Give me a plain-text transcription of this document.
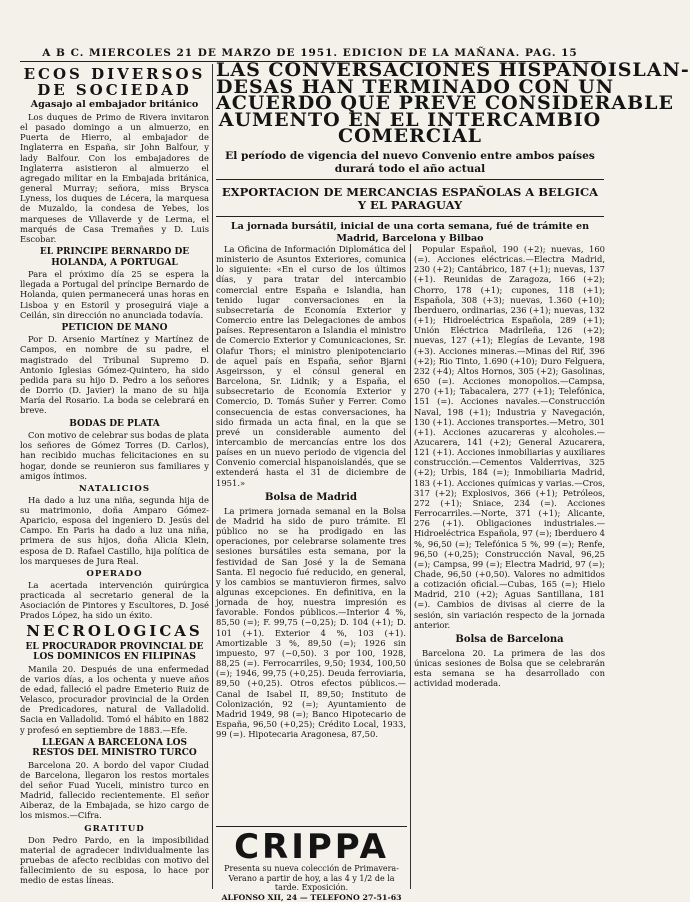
A B C. MIERCOLES 21 DE MARZO DE 1951. EDICION DE LA MAÑANA. PAG. 15
ECOS DIVERSOS DE SOCIEDAD
Agasajo al embajador británico

Los duques de Primo de Rivera invitaron el pasado domingo a un almuerzo, en Puerta de Hierro, al embajador de Inglaterra en España, sir John Balfour, y lady Balfour. Con los embajadores de Inglaterra asistieron al almuerzo el agregado militar en la Embajada británica, general Murray; señora, miss Brysca Lyness, los duques de Lécera, la marquesa de Muzaldo, la condesa de Yebes, los marqueses de Villaverde y de Lerma, el marqués de Casa Tremañes y D. Luis Escobar.

EL PRINCIPE BERNARDO DE HOLANDA, A PORTUGAL

Para el próximo día 25 se espera la llegada a Portugal del príncipe Bernardo de Holanda, quien permanecerá unas horas en Lisboa y en Estoril y proseguirá viaje a Ceilán, sin dirección no anunciada todavía.

PETICION DE MANO

Por D. Arsenio Martínez y Martínez de Campos, en nombre de su padre, el magistrado del Tribunal Supremo D. Antonio Iglesias Gómez-Quintero, ha sido pedida para su hijo D. Pedro a los señores de Dorrio (D. Javier) la mano de su hija María del Rosario. La boda se celebrará en breve.

BODAS DE PLATA

Con motivo de celebrar sus bodas de plata los señores de Gómez Torres (D. Carlos), han recibido muchas felicitaciones en su hogar, donde se reunieron sus familiares y amigos íntimos.

NATALICIOS

Ha dado a luz una niña, segunda hija de su matrimonio, doña Amparo Gómez-Aparicio, esposa del ingeniero D. Jesús del Campo. En Paris ha dado a luz una niña, primera de sus hijos, doña Alicia Klein, esposa de D. Rafael Castillo, hija política de los marqueses de Jura Real.

OPERADO

La acertada intervención quirúrgica practicada al secretario general de la Asociación de Pintores y Escultores, D. José Prados López, ha sido un éxito.

NECROLOGICAS
EL PROCURADOR PROVINCIAL DE LOS DOMINICOS EN FILIPINAS

Manila 20. Después de una enfermedad de varios días, a los ochenta y nueve años de edad, falleció el padre Emeterio Ruiz de Velasco, procurador provincial de la Orden de Predicadores, natural de Valladolid. Sacia en Valladolid. Tomó el hábito en 1882 y profesó en septiembre de 1883.—Efe.

LLEGAN A BARCELONA LOS RESTOS DEL MINISTRO TURCO

Barcelona 20. A bordo del vapor Ciudad de Barcelona, llegaron los restos mortales del señor Fuad Yuceli, ministro turco en Madrid, fallecido recientemente. El señor Aiberaz, de la Embajada, se hizo cargo de los mismos.—Cifra.

GRATITUD

Don Pedro Pardo, en la imposibilidad material de agradecer individualmente las pruebas de afecto recibidas con motivo del fallecimiento de su esposa, lo hace por medio de estas líneas.

LAS CONVERSACIONES HISPANOISLAN-
DESAS HAN TERMINADO CON UN
ACUERDO QUE PREVE CONSIDERABLE
AUMENTO EN EL INTERCAMBIO
COMERCIAL
El período de vigencia del nuevo Convenio entre ambos países durará todo el año actual
EXPORTACION DE MERCANCIAS ESPAÑOLAS A BELGICA Y EL PARAGUAY
La jornada bursátil, inicial de una corta semana, fué de trámite en Madrid, Barcelona y Bilbao

La Oficina de Información Diplomática del ministerio de Asuntos Exteriores, comunica lo siguiente: «En el curso de los últimos días, y para tratar del intercambio comercial entre España e Islandia, han tenido lugar conversaciones en la subsecretaría de Economía Exterior y Comercio entre las Delegaciones de ambos países. Representaron a Islandia el ministro de Comercio Exterior y Comunicaciones, Sr. Olafur Thors; el ministro plenipotenciario de aquel país en España, señor Bjarni Asgeirsson, y el cónsul general en Barcelona, Sr. Lidnik; y a España, el subsecretario de Economía Exterior y Comercio, D. Tomás Suñer y Ferrer. Como consecuencia de estas conversaciones, ha sido firmada un acta final, en la que se prevé un considerable aumento del intercambio de mercancías entre los dos países en un nuevo periodo de vigencia del Convenio comercial hispanoislandés, que se extenderá hasta el 31 de diciembre de 1951.»

Bolsa de Madrid

La primera jornada semanal en la Bolsa de Madrid ha sido de puro trámite. El público no se ha prodigado en las operaciones, por celebrarse solamente tres sesiones bursátiles esta semana, por la festividad de San José y la de Semana Santa. El negocio fué reducido, en general, y los cambios se mantuvieron firmes, salvo algunas excepciones. En definitiva, en la jornada de hoy, nuestra impresión es favorable. Fondos públicos.—Interior 4 %, 85,50 (=); F. 99,75 (−0,25); D. 104 (+1); D. 101 (+1). Exterior 4 %, 103 (+1). Amortizable 3 %, 89,50 (=); 1926 sin impuesto, 97 (−0,50). 3 por 100, 1928, 88,25 (=). Ferrocarriles, 9,50; 1934, 100,50 (=); 1946, 99,75 (+0,25). Deuda ferroviaria, 89,50 (+0,25). Otros efectos públicos.—Canal de Isabel II, 89,50; Instituto de Colonización, 92 (=); Ayuntamiento de Madrid 1949, 98 (=); Banco Hipotecario de España, 96,50 (+0,25); Crédito Local, 1933, 99 (=). Hipotecaria Aragonesa, 87,50.

Popular Español, 190 (+2); nuevas, 160 (=). Acciones eléctricas.—Electra Madrid, 230 (+2); Cantábrico, 187 (+1); nuevas, 137 (+1). Reunidas de Zaragoza, 166 (+2); Chorro, 178 (+1); cupones, 118 (+1); Española, 308 (+3); nuevas, 1.360 (+10); Iberduero, ordinarias, 236 (+1); nuevas, 132 (+1); Hidroeléctrica Española, 289 (+1); Unión Eléctrica Madrileña, 126 (+2); nuevas, 127 (+1); Elegías de Levante, 198 (+3). Acciones mineras.—Minas del Rif, 396 (+2); Rio Tinto, 1.690 (+10); Duro Felguera, 232 (+4); Altos Hornos, 305 (+2); Gasolinas, 650 (=). Acciones monopolios.—Campsa, 270 (+1); Tabacalera, 277 (+1); Telefónica, 151 (=). Acciones navales.—Construcción Naval, 198 (+1); Industria y Navegación, 130 (+1). Acciones transportes.—Metro, 301 (+1). Acciones azucareras y alcoholes.—Azucarera, 141 (+2); General Azucarera, 121 (+1). Acciones inmobiliarias y auxiliares construcción.—Cementos Valderrivas, 325 (+2); Urbis, 184 (=); Inmobiliaria Madrid, 183 (+1). Acciones químicas y varias.—Cros, 317 (+2); Explosivos, 366 (+1); Petróleos, 272 (+1); Sniace, 234 (=). Acciones Ferrocarriles.—Norte, 371 (+1); Alicante, 276 (+1). Obligaciones industriales.—Hidroeléctrica Española, 97 (=); Iberduero 4 %, 96,50 (=); Telefónica 5 %, 99 (=); Renfe, 96,50 (+0,25); Construcción Naval, 96,25 (=); Campsa, 99 (=); Electra Madrid, 97 (=); Chade, 96,50 (+0,50). Valores no admitidos a cotización oficial.—Cubas, 165 (=); Hielo Madrid, 210 (+2); Aguas Santillana, 181 (=). Cambios de divisas al cierre de la sesión, sin variación respecto de la jornada anterior.

Bolsa de Barcelona

Barcelona 20. La primera de las dos únicas sesiones de Bolsa que se celebrarán esta semana se ha desarrollado con actividad moderada.

CRIPPA
Presenta su nueva colección de Primavera-Verano a partir de hoy, a las 4 y 1/2 de la tarde. Exposición.
ALFONSO XII, 24 — TELEFONO 27-51-63
